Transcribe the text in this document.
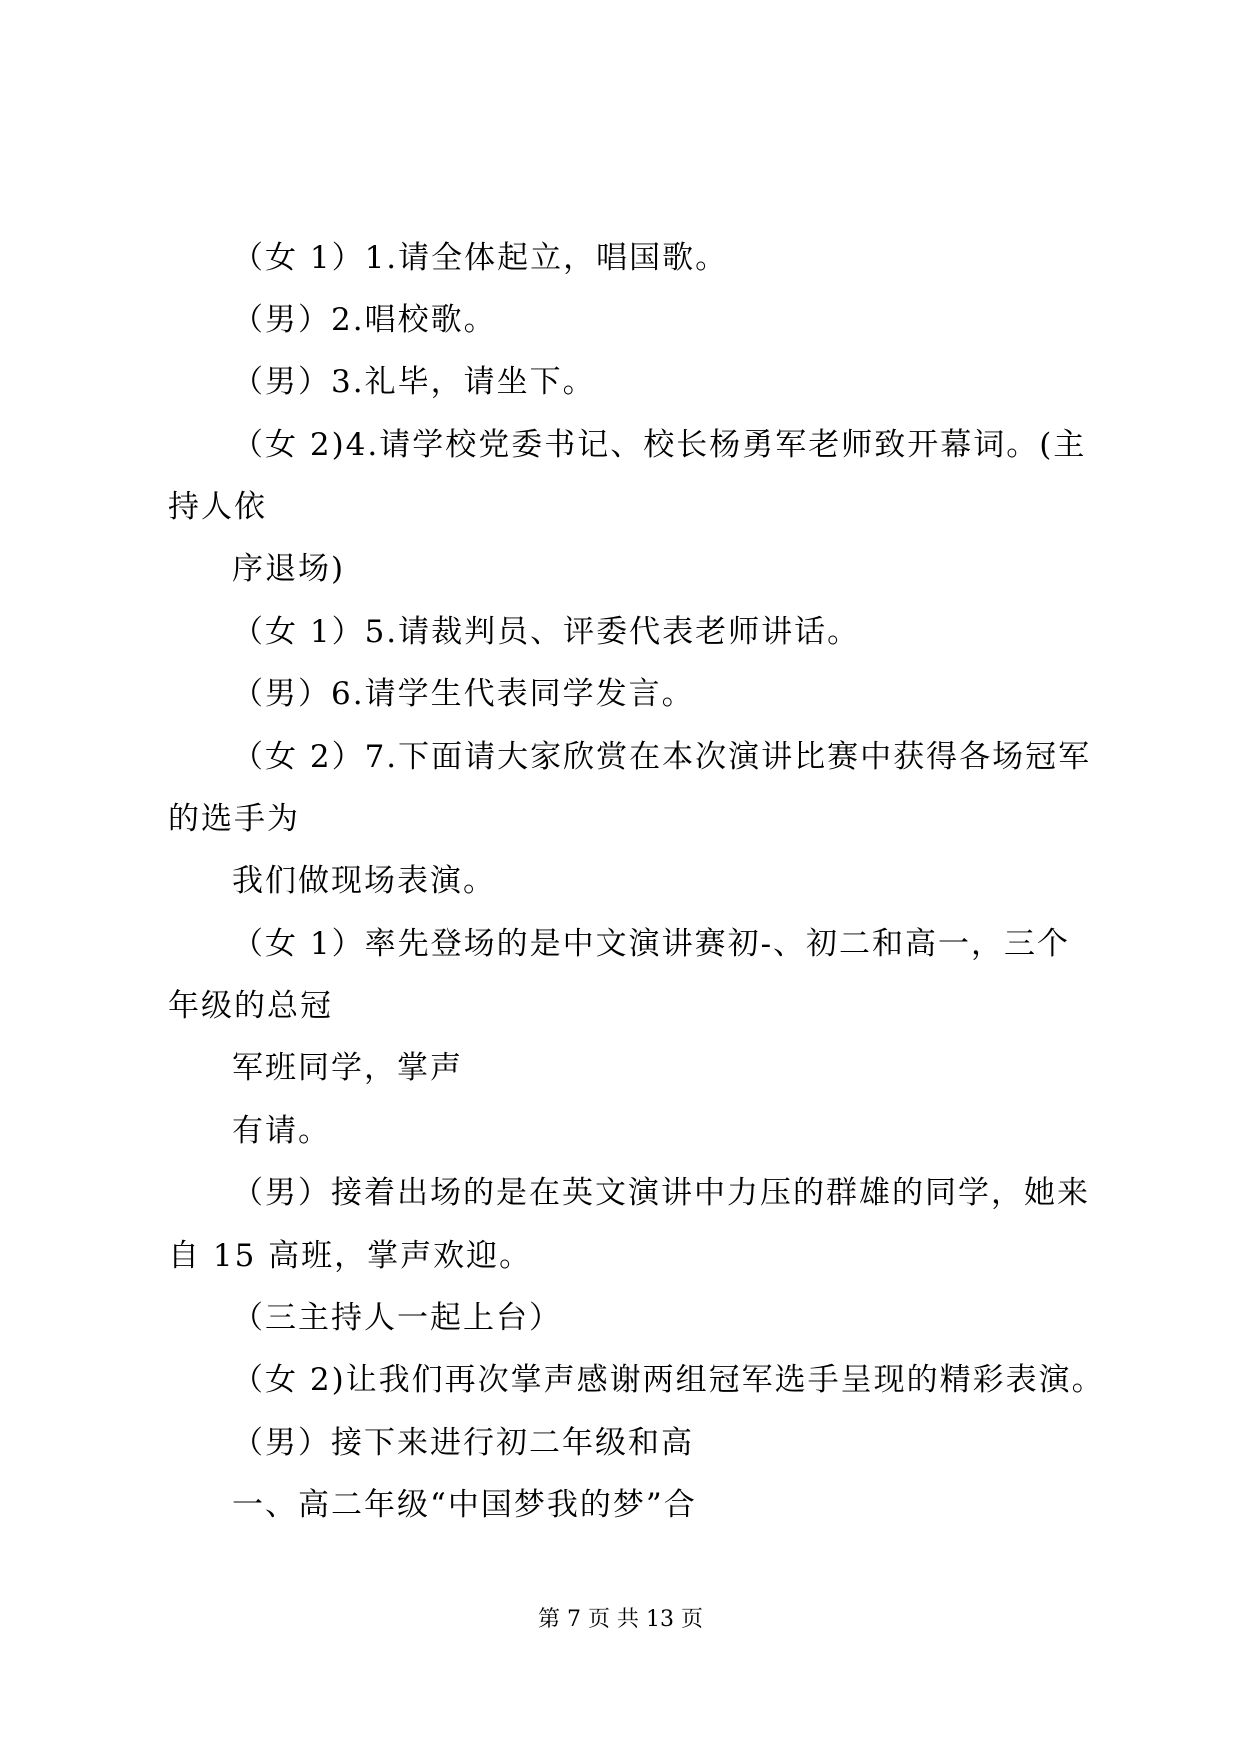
（女 1）1.请全体起立，唱国歌。
（男）2.唱校歌。
（男）3.礼毕，请坐下。
（女 2)4.请学校党委书记、校长杨勇军老师致开幕词。(主
持人依
序退场)
（女 1）5.请裁判员、评委代表老师讲话。
（男）6.请学生代表同学发言。
（女 2）7.下面请大家欣赏在本次演讲比赛中获得各场冠军
的选手为
我们做现场表演。
（女 1）率先登场的是中文演讲赛初-、初二和高一，三个
年级的总冠
军班同学，掌声
有请。
（男）接着出场的是在英文演讲中力压的群雄的同学，她来
自 15 高班，掌声欢迎。
（三主持人一起上台）
（女 2)让我们再次掌声感谢两组冠军选手呈现的精彩表演。
（男）接下来进行初二年级和高
一、高二年级“中国梦我的梦”合
第 7 页 共 13 页
